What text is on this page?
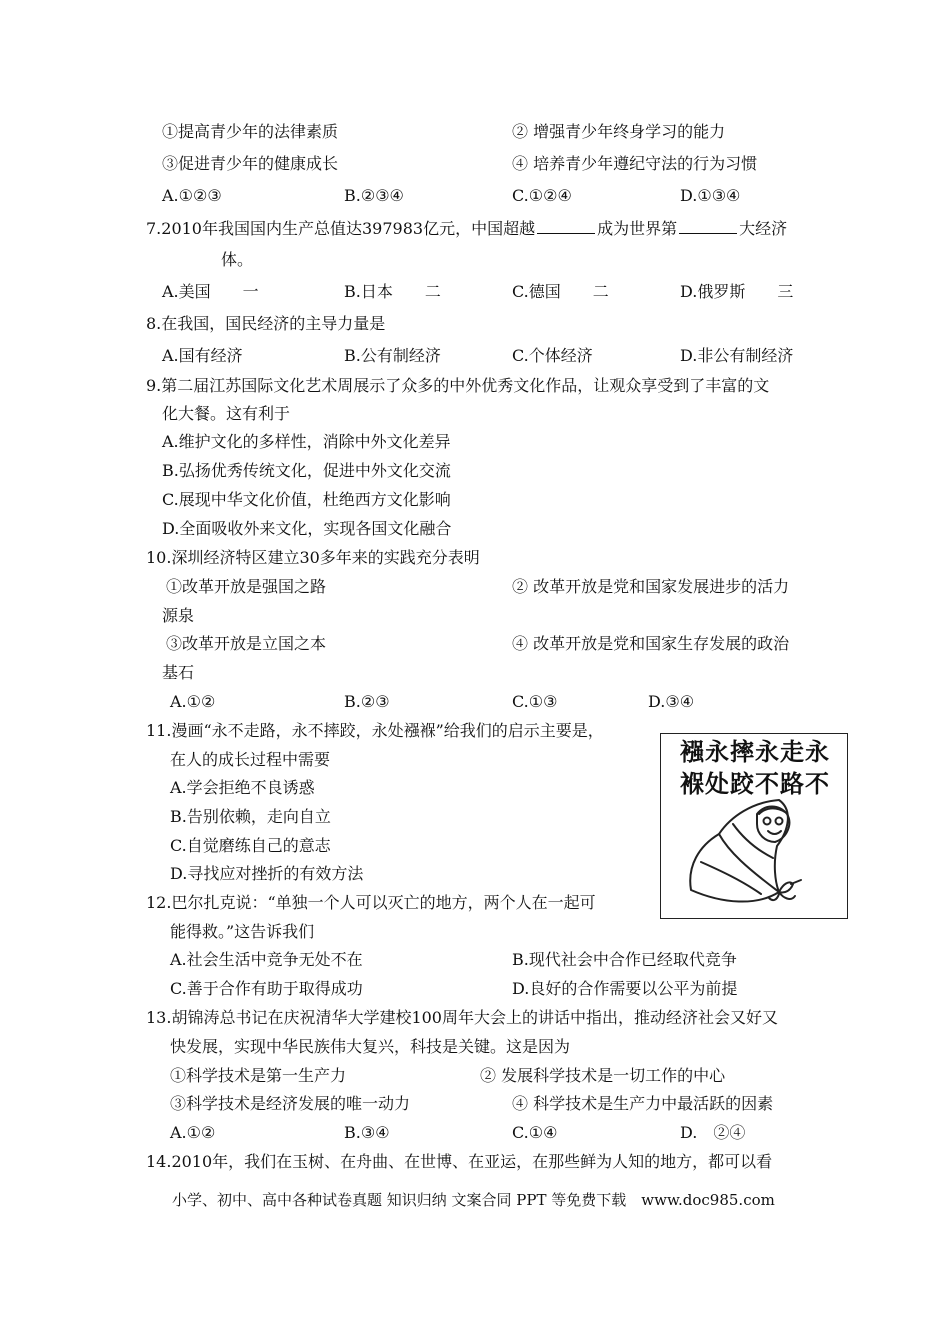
①提高青少年的法律素质	② 增强青少年终身学习的能力
③促进青少年的健康成长	④ 培养青少年遵纪守法的行为习惯
A.①②③	B.②③④	C.①②④	D.①③④
7.2010年我国国内生产总值达397983亿元，中国超越	成为世界第	大经济
体。
A.美国　　一	B.日本　　二	C.德国　　二	D.俄罗斯　　三
8.在我国，国民经济的主导力量是
A.国有经济	B.公有制经济	C.个体经济	D.非公有制经济
9.第二届江苏国际文化艺术周展示了众多的中外优秀文化作品，让观众享受到了丰富的文
化大餐。这有利于
A.维护文化的多样性，消除中外文化差异
B.弘扬优秀传统文化，促进中外文化交流
C.展现中华文化价值，杜绝西方文化影响
D.全面吸收外来文化，实现各国文化融合
10.深圳经济特区建立30多年来的实践充分表明
①改革开放是强国之路	② 改革开放是党和国家发展进步的活力
源泉
③改革开放是立国之本	④ 改革开放是党和国家生存发展的政治
基石
A.①②	B.②③	C.①③	D.③④
11.漫画“永不走路，永不摔跤，永处襁褓”给我们的启示主要是，
在人的成长过程中需要
A.学会拒绝不良诱惑
B.告别依赖，走向自立
C.自觉磨练自己的意志
D.寻找应对挫折的有效方法
襁永摔永走永
褓处跤不路不
12.巴尔扎克说：“单独一个人可以灭亡的地方，两个人在一起可
能得救。”这告诉我们
A.社会生活中竞争无处不在	B.现代社会中合作已经取代竞争
C.善于合作有助于取得成功	D.良好的合作需要以公平为前提
13.胡锦涛总书记在庆祝清华大学建校100周年大会上的讲话中指出，推动经济社会又好又
快发展，实现中华民族伟大复兴，科技是关键。这是因为
①科学技术是第一生产力	② 发展科学技术是一切工作的中心
③科学技术是经济发展的唯一动力	④ 科学技术是生产力中最活跃的因素
A.①②	B.③④	C.①④	D.　②④
14.2010年，我们在玉树、在舟曲、在世博、在亚运，在那些鲜为人知的地方，都可以看
小学、初中、高中各种试卷真题 知识归纳 文案合同 PPT 等免费下载　www.doc985.com
